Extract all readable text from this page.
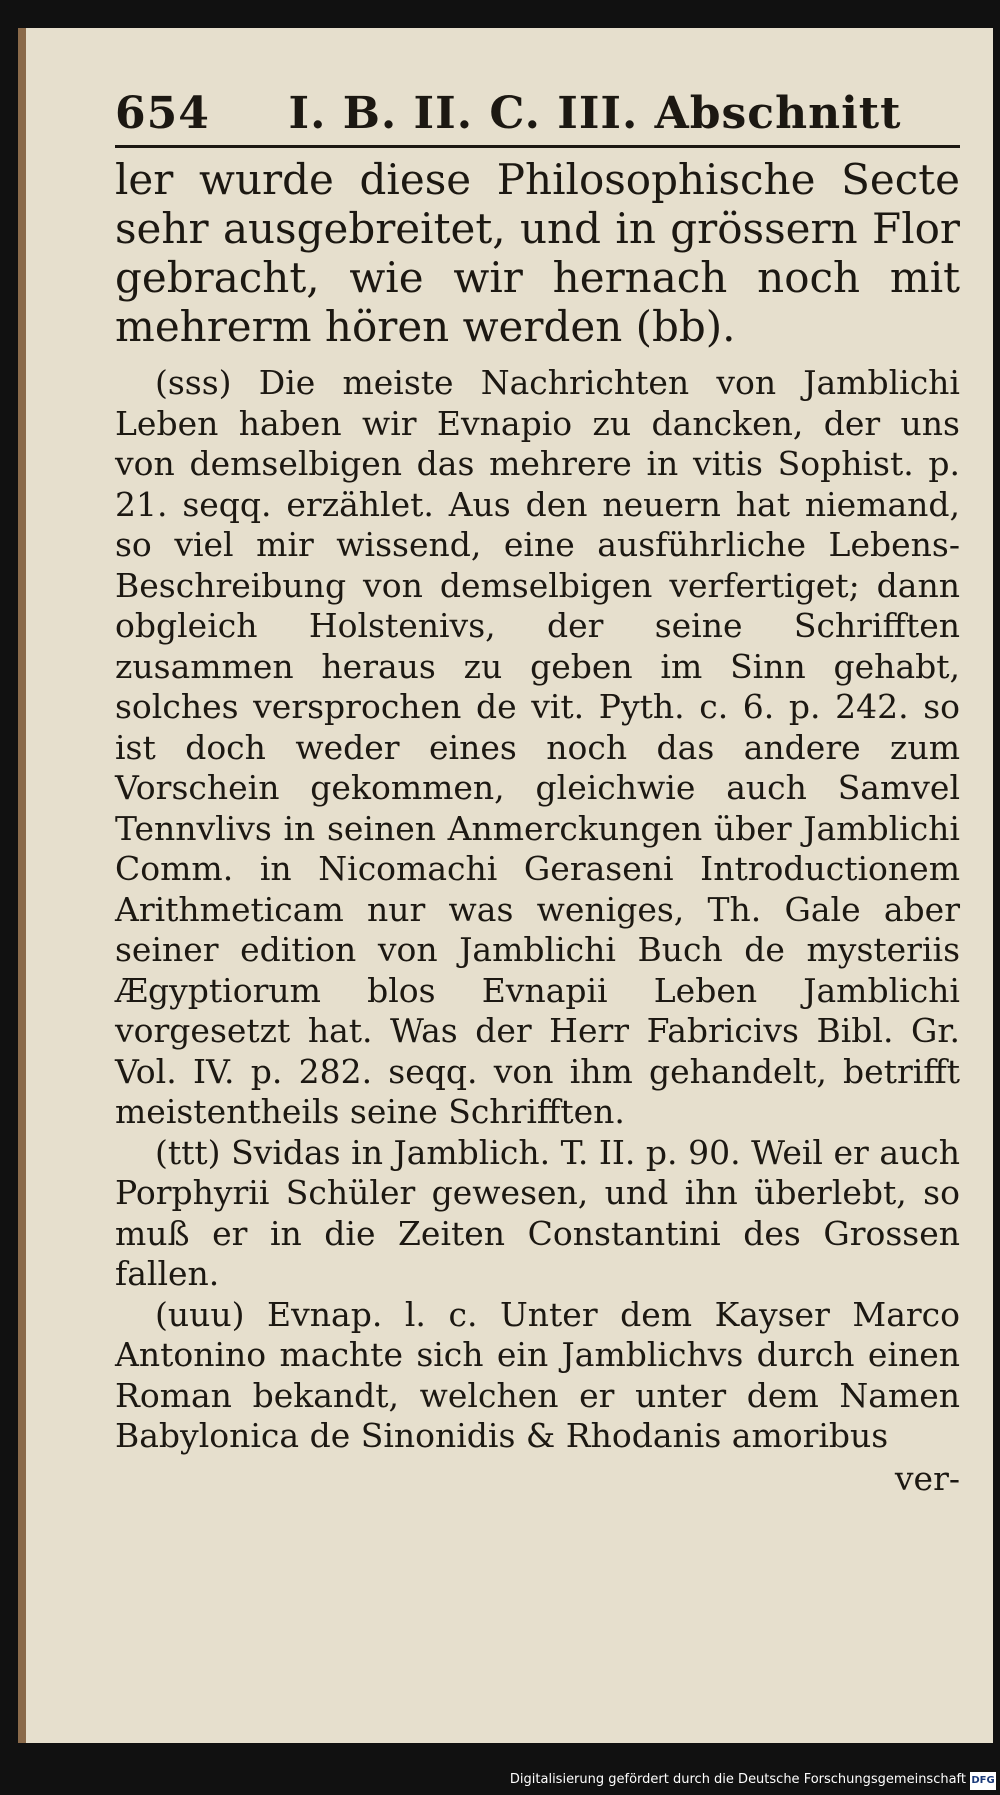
654 I. B. II. C. III. Abschnitt

ler wurde diese Philosophische Secte sehr ausgebreitet, und in grössern Flor gebracht, wie wir hernach noch mit mehrerm hören werden (bb).

(sss) Die meiste Nachrichten von Jamblichi Leben haben wir Evnapio zu dancken, der uns von demselbigen das mehrere in vitis Sophist. p. 21. seqq. erzählet. Aus den neuern hat niemand, so viel mir wissend, eine ausführliche Lebens-Beschreibung von demselbigen verfertiget; dann obgleich Holstenivs, der seine Schrifften zusammen heraus zu geben im Sinn gehabt, solches versprochen de vit. Pyth. c. 6. p. 242. so ist doch weder eines noch das andere zum Vorschein gekommen, gleichwie auch Samvel Tennvlivs in seinen Anmerckungen über Jamblichi Comm. in Nicomachi Geraseni Introductionem Arithmeticam nur was weniges, Th. Gale aber seiner edition von Jamblichi Buch de mysteriis Ægyptiorum blos Evnapii Leben Jamblichi vorgesetzt hat. Was der Herr Fabricivs Bibl. Gr. Vol. IV. p. 282. seqq. von ihm gehandelt, betrifft meistentheils seine Schrifften.

(ttt) Svidas in Jamblich. T. II. p. 90. Weil er auch Porphyrii Schüler gewesen, und ihn überlebt, so muß er in die Zeiten Constantini des Grossen fallen.

(uuu) Evnap. l. c. Unter dem Kayser Marco Antonino machte sich ein Jamblichvs durch einen Roman bekandt, welchen er unter dem Namen Babylonica de Sinonidis & Rhodanis amoribus

ver-
Digitalisierung gefördert durch die Deutsche Forschungsgemeinschaft DFG
